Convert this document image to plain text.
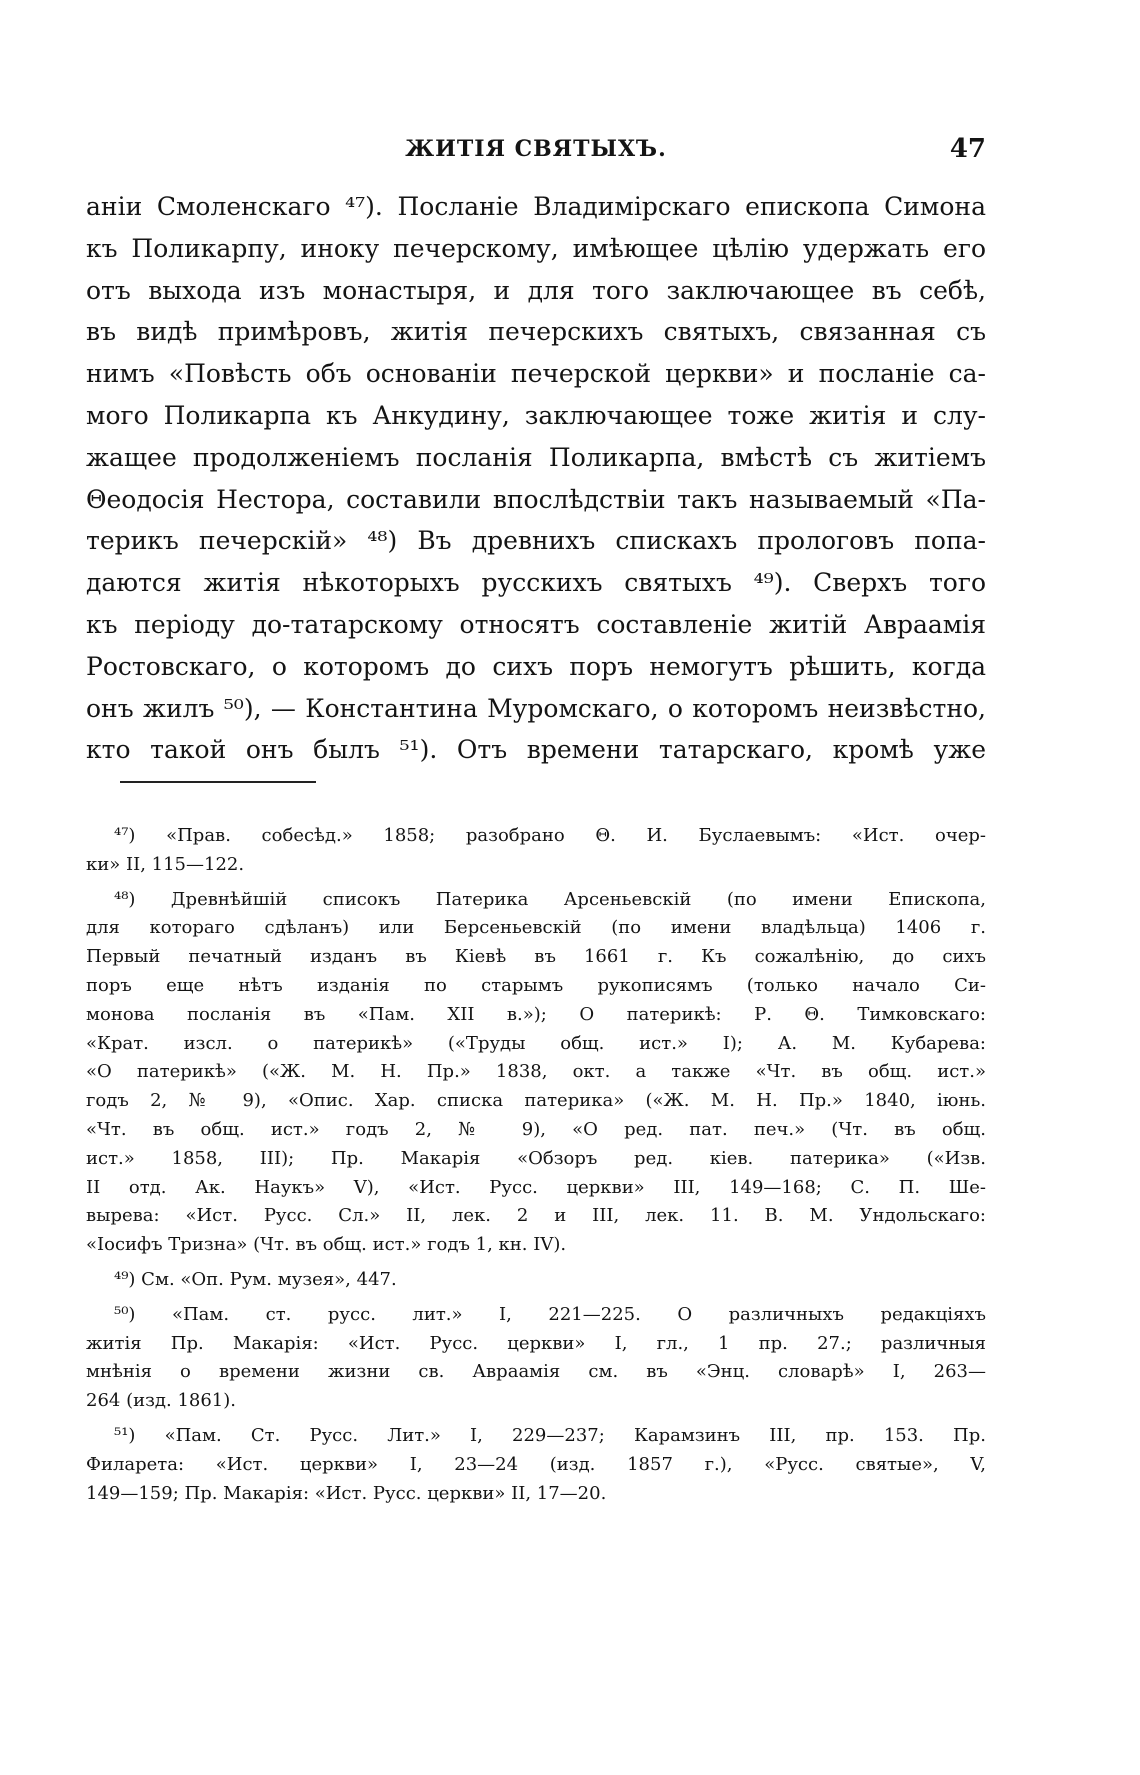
ЖИТІЯ СВЯТЫХЪ.	47
аніи Смоленскаго ⁴⁷). Посланіе Владимірскаго епископа Симона
къ Поликарпу, иноку печерскому, имѣющее цѣлію удержать его
отъ выхода изъ монастыря, и для того заключающее въ себѣ,
въ видѣ примѣровъ, житія печерскихъ святыхъ, связанная съ
нимъ «Повѣсть объ основаніи печерской церкви» и посланіе са-
мого Поликарпа къ Анкудину, заключающее тоже житія и слу-
жащее продолженіемъ посланія Поликарпа, вмѣстѣ съ житіемъ
Θеодосія Нестора, составили впослѣдствіи такъ называемый «Па-
терикъ печерскій» ⁴⁸) Въ древнихъ спискахъ прологовъ попа-
даются житія нѣкоторыхъ русскихъ святыхъ ⁴⁹). Сверхъ того
къ періоду до-татарскому относятъ составленіе житій Авраамія
Ростовскаго, о которомъ до сихъ поръ немогутъ рѣшить, когда
онъ жилъ ⁵⁰), — Константина Муромскаго, о которомъ неизвѣстно,
кто такой онъ былъ ⁵¹). Отъ времени татарскаго, кромѣ уже
⁴⁷) «Прав. собесѣд.» 1858; разобрано Θ. И. Буслаевымъ: «Ист. очер-
ки» II, 115—122.
⁴⁸) Древнѣйшій списокъ Патерика Арсеньевскій (по имени Епископа,
для котораго сдѣланъ) или Берсеньевскій (по имени владѣльца) 1406 г.
Первый печатный изданъ въ Кіевѣ въ 1661 г. Къ сожалѣнію, до сихъ
поръ еще нѣтъ изданія по старымъ рукописямъ (только начало Си-
монова посланія въ «Пам. XII в.»); О патерикѣ: Р. Θ. Тимковскаго:
«Крат. изсл. о патерикѣ» («Труды общ. ист.» I); А. М. Кубарева:
«О патерикѣ» («Ж. М. Н. Пр.» 1838, окт. а также «Чт. въ общ. ист.»
годъ 2, № 9), «Опис. Хар. списка патерика» («Ж. М. Н. Пр.» 1840, іюнь.
«Чт. въ общ. ист.» годъ 2, № 9), «О ред. пат. печ.» (Чт. въ общ.
ист.» 1858, III); Пр. Макарія «Обзоръ ред. кіев. патерика» («Изв.
II отд. Ак. Наукъ» V), «Ист. Русс. церкви» III, 149—168; С. П. Ше-
вырева: «Ист. Русс. Сл.» II, лек. 2 и III, лек. 11. В. М. Ундольскаго:
«Іосифъ Тризна» (Чт. въ общ. ист.» годъ 1, кн. IV).
⁴⁹) См. «Оп. Рум. музея», 447.
⁵⁰) «Пам. ст. русс. лит.» I, 221—225. О различныхъ редакціяхъ
житія Пр. Макарія: «Ист. Русс. церкви» I, гл., 1 пр. 27.; различныя
мнѣнія о времени жизни св. Авраамія см. въ «Энц. словарѣ» I, 263—
264 (изд. 1861).
⁵¹) «Пам. Ст. Русс. Лит.» I, 229—237; Карамзинъ III, пр. 153. Пр.
Филарета: «Ист. церкви» I, 23—24 (изд. 1857 г.), «Русс. святые», V,
149—159; Пр. Макарія: «Ист. Русс. церкви» II, 17—20.
